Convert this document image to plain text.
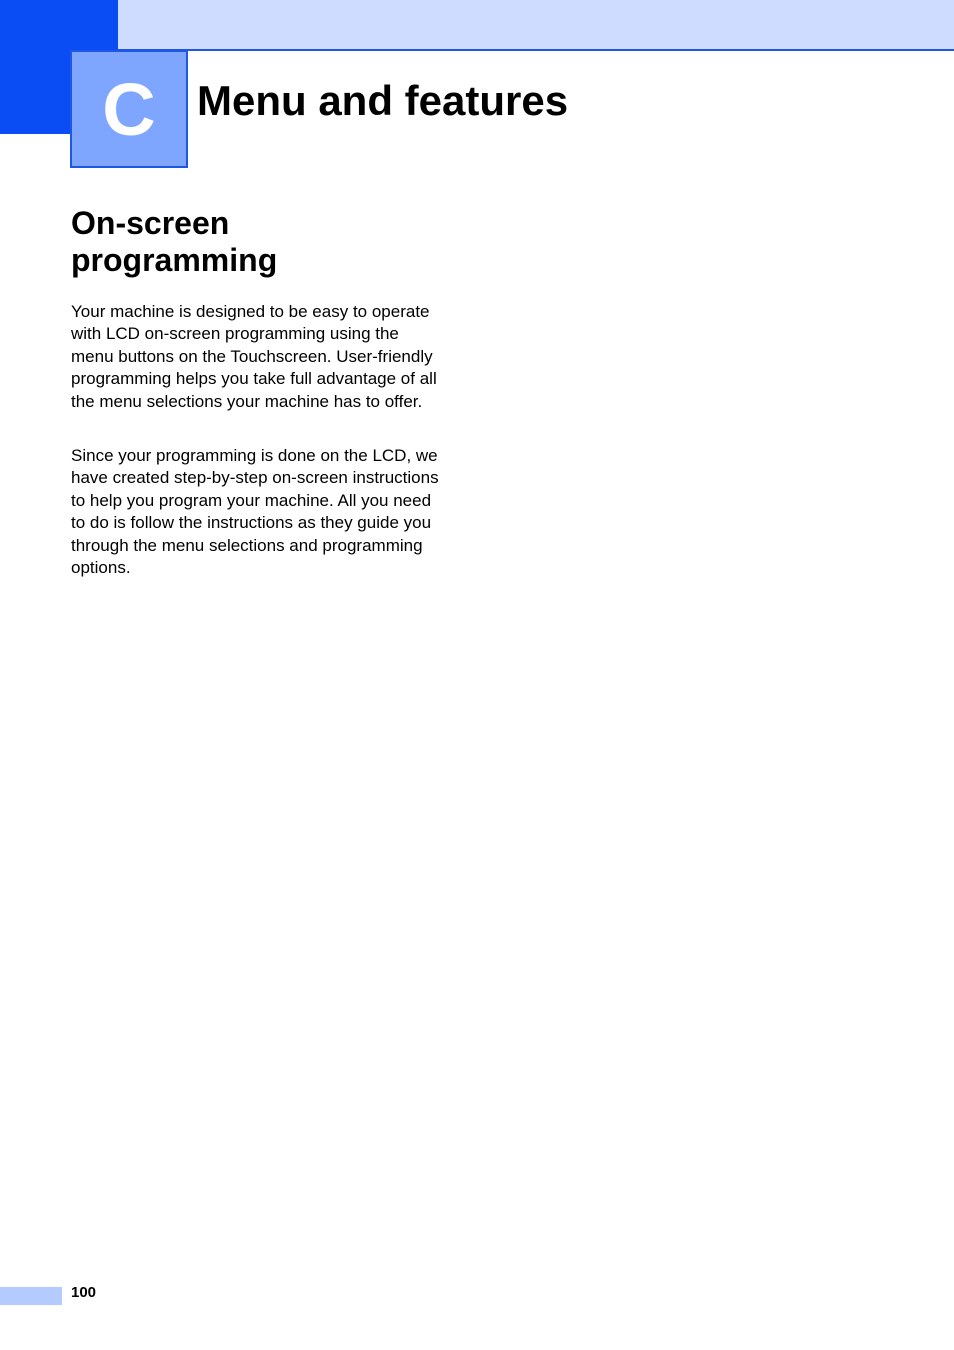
C Menu and features
On-screen programming

Your machine is designed to be easy to operate with LCD on-screen programming using the menu buttons on the Touchscreen. User-friendly programming helps you take full advantage of all the menu selections your machine has to offer.

Since your programming is done on the LCD, we have created step-by-step on-screen instructions to help you program your machine. All you need to do is follow the instructions as they guide you through the menu selections and programming options.

100
